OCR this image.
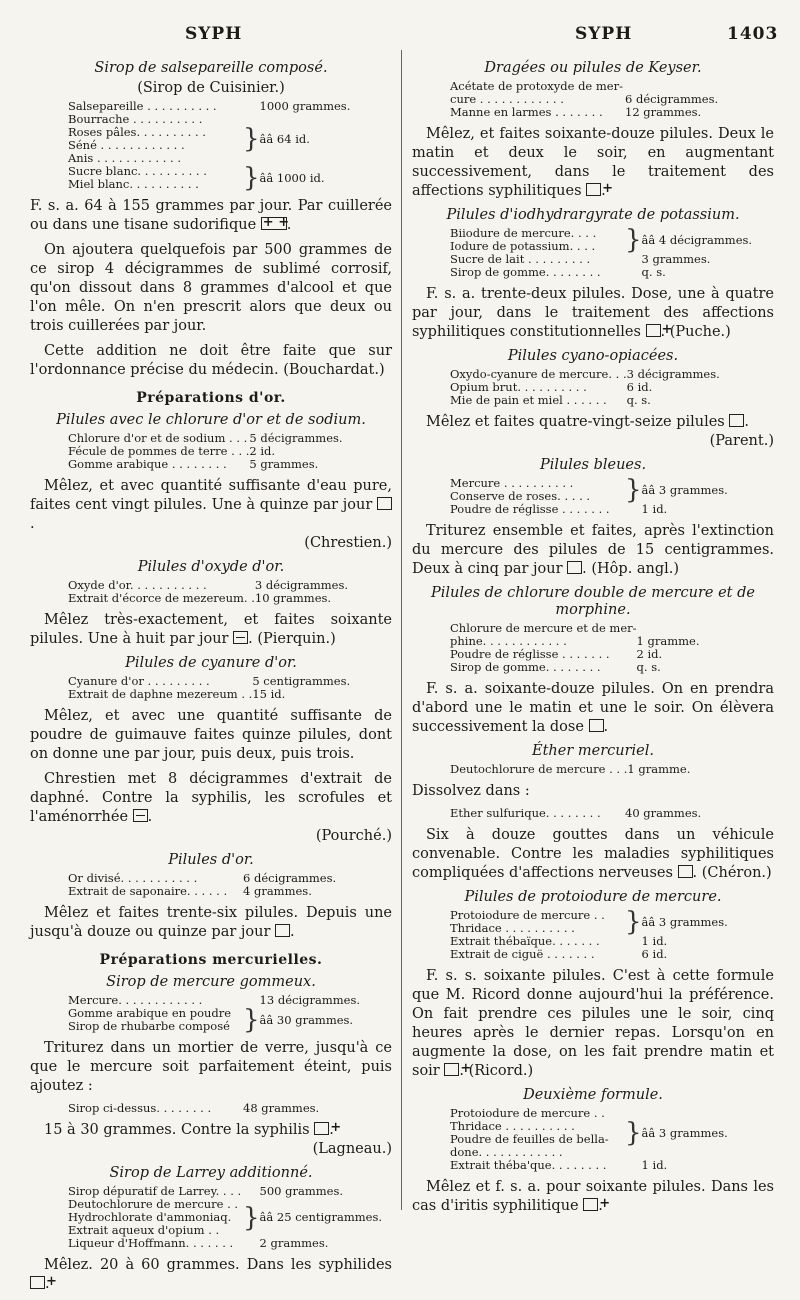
SYPH	SYPH	1403
Sirop de salsepareille composé.
(Sirop de Cuisinier.)
Salsepareille . . . . . . . . . .		1000 grammes.
Bourrache . . . . . . . . . .	}	ââ 64 id.
Roses pâles. . . . . . . . . .		
Séné . . . . . . . . . . . .		
Anis . . . . . . . . . . . .		
Sucre blanc. . . . . . . . . .	}	ââ 1000 id.
Miel blanc. . . . . . . . . .		
F. s. a. 64 à 155 grammes par jour. Par cuillerée ou dans une tisane sudorifique + + .
On ajoutera quelquefois par 500 grammes de ce sirop 4 décigrammes de sublimé corrosif, qu'on dissout dans 8 grammes d'alcool et que l'on mêle. On n'en prescrit alors que deux ou trois cuillerées par jour.
Cette addition ne doit être faite que sur l'ordonnance précise du médecin. (Bouchardat.)
Préparations d'or.
Pilules avec le chlorure d'or et de sodium.
Chlorure d'or et de sodium . . .		5 décigrammes.
Fécule de pommes de terre . . .		2 id.
Gomme arabique . . . . . . . .		5 grammes.
Mêlez, et avec quantité suffisante d'eau pure, faites cent vingt pilules. Une à quinze par jour .
(Chrestien.)
Pilules d'oxyde d'or.
Oxyde d'or. . . . . . . . . . .		3 décigrammes.
Extrait d'écorce de mezereum. .		10 grammes.
Mêlez très-exactement, et faites soixante pilules. Une à huit par jour . (Pierquin.)
Pilules de cyanure d'or.
Cyanure d'or . . . . . . . . .		5 centigrammes.
Extrait de daphne mezereum . .		15 id.
Mêlez, et avec une quantité suffisante de poudre de guimauve faites quinze pilules, dont on donne une par jour, puis deux, puis trois.
Chrestien met 8 décigrammes d'extrait de daphné. Contre la syphilis, les scrofules et l'aménorrhée .
(Pourché.)
Pilules d'or.
Or divisé. . . . . . . . . . .		6 décigrammes.
Extrait de saponaire. . . . . .		4 grammes.
Mêlez et faites trente-six pilules. Depuis une jusqu'à douze ou quinze par jour .
Préparations mercurielles.
Sirop de mercure gommeux.
Mercure. . . . . . . . . . . .		13 décigrammes.
Gomme arabique en poudre	}	ââ 30 grammes.
Sirop de rhubarbe composé		
Triturez dans un mortier de verre, jusqu'à ce que le mercure soit parfaitement éteint, puis ajoutez :
Sirop ci-dessus. . . . . . . .		48 grammes.
15 à 30 grammes. Contre la syphilis + .
(Lagneau.)
Sirop de Larrey additionné.
Sirop dépuratif de Larrey. . . .		500 grammes.
Deutochlorure de mercure . .	}	ââ 25 centigrammes.
Hydrochlorate d'ammoniaq.		
Extrait aqueux d'opium . .		
Liqueur d'Hoffmann. . . . . . .		2 grammes.
Mêlez. 20 à 60 grammes. Dans les syphilides +.
Dragées ou pilules de Keyser.
Acétate de protoxyde de mer-		
cure . . . . . . . . . . . .		6 décigrammes.
Manne en larmes . . . . . . .		12 grammes.
Mêlez, et faites soixante-douze pilules. Deux le matin et deux le soir, en augmentant successivement, dans le traitement des affections syphilitiques + .
Pilules d'iodhydrargyrate de potassium.
Biiodure de mercure. . . .	}	ââ 4 décigrammes.
Iodure de potassium. . . .		
Sucre de lait . . . . . . . . .		3 grammes.
Sirop de gomme. . . . . . . .		q. s.
F. s. a. trente-deux pilules. Dose, une à quatre par jour, dans le traitement des affections syphilitiques constitutionnelles + . (Puche.)
Pilules cyano-opiacées.
Oxydo-cyanure de mercure. . .		3 décigrammes.
Opium brut. . . . . . . . . .		6 id.
Mie de pain et miel . . . . . .		q. s.
Mêlez et faites quatre-vingt-seize pilules .
(Parent.)
Pilules bleues.
Mercure . . . . . . . . . .	}	ââ 3 grammes.
Conserve de roses. . . . .		
Poudre de réglisse . . . . . . .		1 id.
Triturez ensemble et faites, après l'extinction du mercure des pilules de 15 centigrammes. Deux à cinq par jour . (Hôp. angl.)
Pilules de chlorure double de mercure et de morphine.
Chlorure de mercure et de mer-		
phine. . . . . . . . . . . .		1 gramme.
Poudre de réglisse . . . . . . .		2 id.
Sirop de gomme. . . . . . . .		q. s.
F. s. a. soixante-douze pilules. On en prendra d'abord une le matin et une le soir. On élèvera successivement la dose .
Éther mercuriel.
Deutochlorure de mercure . . .		1 gramme.
Dissolvez dans :
Ether sulfurique. . . . . . . .		40 grammes.
Six à douze gouttes dans un véhicule convenable. Contre les maladies syphilitiques compliquées d'affections nerveuses . (Chéron.)
Pilules de protoiodure de mercure.
Protoiodure de mercure . .	}	ââ 3 grammes.
Thridace . . . . . . . . . .		
Extrait thébaïque. . . . . . .		1 id.
Extrait de ciguë . . . . . . .		6 id.
F. s. s. soixante pilules. C'est à cette formule que M. Ricord donne aujourd'hui la préférence. On fait prendre ces pilules une le soir, cinq heures après le dernier repas. Lorsqu'on en augmente la dose, on les fait prendre matin et soir + . (Ricord.)
Deuxième formule.
Protoiodure de mercure . .	}	ââ 3 grammes.
Thridace . . . . . . . . . .		
Poudre de feuilles de bella-		
done. . . . . . . . . . . .		
Extrait théba'que. . . . . . . .		1 id.
Mêlez et f. s. a. pour soixante pilules. Dans les cas d'iritis syphilitique + .
